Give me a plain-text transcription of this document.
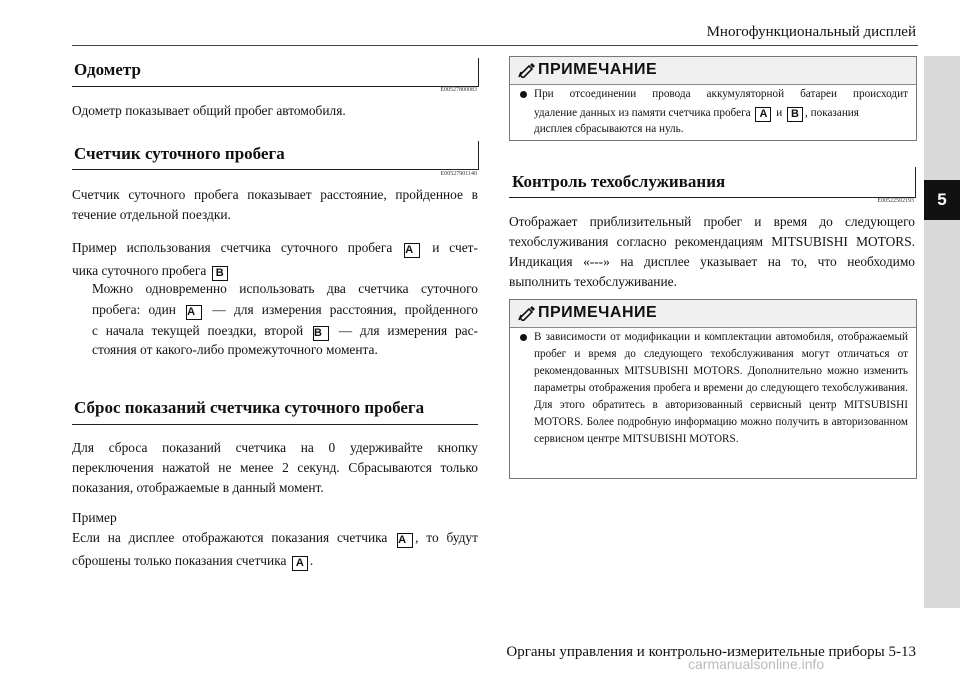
Многофункциональный дисплей
5
Одометр
E00527800083
Одометр показывает общий пробег автомобиля.
Счетчик суточного пробега
E00527901140
Счетчик суточного пробега показывает расстояние, пройденное в течение отдельной поездки.
Пример использования счетчика суточного пробега A и счет-
чика суточного пробега B
Можно одновременно использовать два счетчика суточного
пробега: один A — для измерения расстояния, пройденного
с начала текущей поездки, второй B — для измерения рас-
стояния от какого-либо промежуточного момента.
Сброс показаний счетчика суточного пробега
Для сброса показаний счетчика на 0 удерживайте кнопку переключения нажатой не менее 2 секунд. Сбрасываются только показания, отображаемые в данный момент.
Пример
Если на дисплее отображаются показания счетчика A , то будут
сброшены только показания счетчика A .
ПРИМЕЧАНИЕ
При отсоединении провода аккумуляторной батареи происходит
удаление данных из памяти счетчика пробега A и B , показания
дисплея сбрасываются на нуль.
Контроль техобслуживания
E00522502193
Отображает приблизительный пробег и время до следующего техобслуживания согласно рекомендациям MITSUBISHI MOTORS. Индикация «---» на дисплее указывает на то, что необходимо выполнить техобслуживание.
ПРИМЕЧАНИЕ
В зависимости от модификации и комплектации автомобиля, отображаемый пробег и время до следующего техобслуживания могут отличаться от рекомендованных MITSUBISHI MOTORS. Дополнительно можно изменить параметры отображения пробега и времени до следующего техобслуживания. Для этого обратитесь в авторизованный сервисный центр MITSUBISHI MOTORS. Более подробную информацию можно получить в авторизованном сервисном центре MITSUBISHI MOTORS.
Органы управления и контрольно-измерительные приборы 5-13
carmanualsonline.info
